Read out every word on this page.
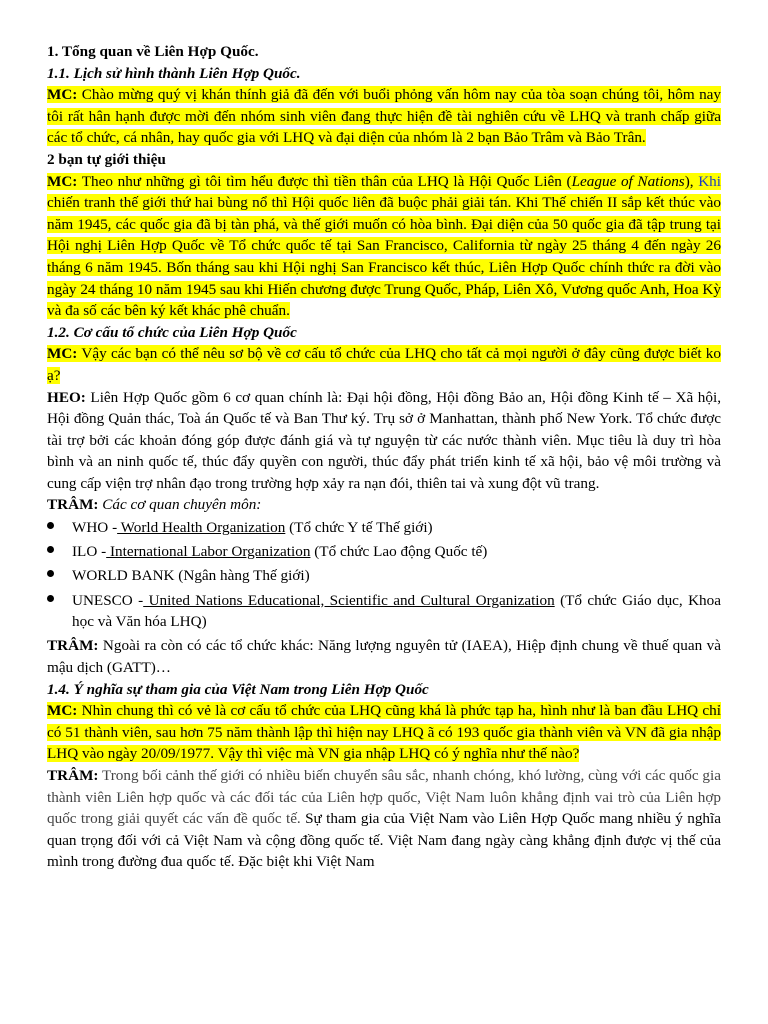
1. Tổng quan về Liên Hợp Quốc.

1.1. Lịch sử hình thành Liên Hợp Quốc.

MC: Chào mừng quý vị khán thính giả đã đến với buổi phỏng vấn hôm nay của tòa soạn chúng tôi, hôm nay tôi rất hân hạnh được mời đến nhóm sinh viên đang thực hiện đề tài nghiên cứu về LHQ và tranh chấp giữa các tổ chức, cá nhân, hay quốc gia với LHQ và đại diện của nhóm là 2 bạn Bảo Trâm và Bảo Trân.

2 bạn tự giới thiệu

MC: Theo như những gì tôi tìm hểu được thì tiền thân của LHQ là Hội Quốc Liên (League of Nations), Khi chiến tranh thế giới thứ hai bùng nổ thì Hội quốc liên đã buộc phải giải tán. Khi Thế chiến II sắp kết thúc vào năm 1945, các quốc gia đã bị tàn phá, và thế giới muốn có hòa bình. Đại diện của 50 quốc gia đã tập trung tại Hội nghị Liên Hợp Quốc về Tổ chức quốc tế tại San Francisco, California từ ngày 25 tháng 4 đến ngày 26 tháng 6 năm 1945. Bốn tháng sau khi Hội nghị San Francisco kết thúc, Liên Hợp Quốc chính thức ra đời vào ngày 24 tháng 10 năm 1945 sau khi Hiến chương được Trung Quốc, Pháp, Liên Xô, Vương quốc Anh, Hoa Kỳ và đa số các bên ký kết khác phê chuẩn.

1.2. Cơ cấu tổ chức của Liên Hợp Quốc

MC: Vậy các bạn có thể nêu sơ bộ về cơ cấu tổ chức của LHQ cho tất cả mọi người ở đây cũng được biết ko ạ?

HEO: Liên Hợp Quốc gồm 6 cơ quan chính là: Đại hội đồng, Hội đồng Bảo an, Hội đồng Kinh tế – Xã hội, Hội đồng Quản thác, Toà án Quốc tế và Ban Thư ký. Trụ sở ở Manhattan, thành phố New York. Tổ chức được tài trợ bởi các khoản đóng góp được đánh giá và tự nguyện từ các nước thành viên. Mục tiêu là duy trì hòa bình và an ninh quốc tế, thúc đẩy quyền con người, thúc đẩy phát triển kinh tế xã hội, bảo vệ môi trường và cung cấp viện trợ nhân đạo trong trường hợp xảy ra nạn đói, thiên tai và xung đột vũ trang.

TRÂM: Các cơ quan chuyên môn:

WHO - World Health Organization (Tổ chức Y tế Thế giới)
ILO - International Labor Organization (Tổ chức Lao động Quốc tế)
WORLD BANK (Ngân hàng Thế giới)
UNESCO - United Nations Educational, Scientific and Cultural Organization (Tổ chức Giáo dục, Khoa học và Văn hóa LHQ)

TRÂM: Ngoài ra còn có các tổ chức khác: Năng lượng nguyên tử (IAEA), Hiệp định chung về thuế quan và mậu dịch (GATT)…

1.4. Ý nghĩa sự tham gia của Việt Nam trong Liên Hợp Quốc

MC: Nhìn chung thì có vẻ là cơ cấu tổ chức của LHQ cũng khá là phức tạp ha, hình như là ban đầu LHQ chỉ có 51 thành viên, sau hơn 75 năm thành lập thì hiện nay LHQ ã có 193 quốc gia thành viên và VN đã gia nhập LHQ vào ngày 20/09/1977. Vậy thì việc mà VN gia nhập LHQ có ý nghĩa như thế nào?

TRÂM: Trong bối cảnh thế giới có nhiều biến chuyển sâu sắc, nhanh chóng, khó lường, cùng với các quốc gia thành viên Liên hợp quốc và các đối tác của Liên hợp quốc, Việt Nam luôn khẳng định vai trò của Liên hợp quốc trong giải quyết các vấn đề quốc tế. Sự tham gia của Việt Nam vào Liên Hợp Quốc mang nhiều ý nghĩa quan trọng đối với cả Việt Nam và cộng đồng quốc tế. Việt Nam đang ngày càng khẳng định được vị thế của mình trong đường đua quốc tế. Đặc biệt khi Việt Nam
